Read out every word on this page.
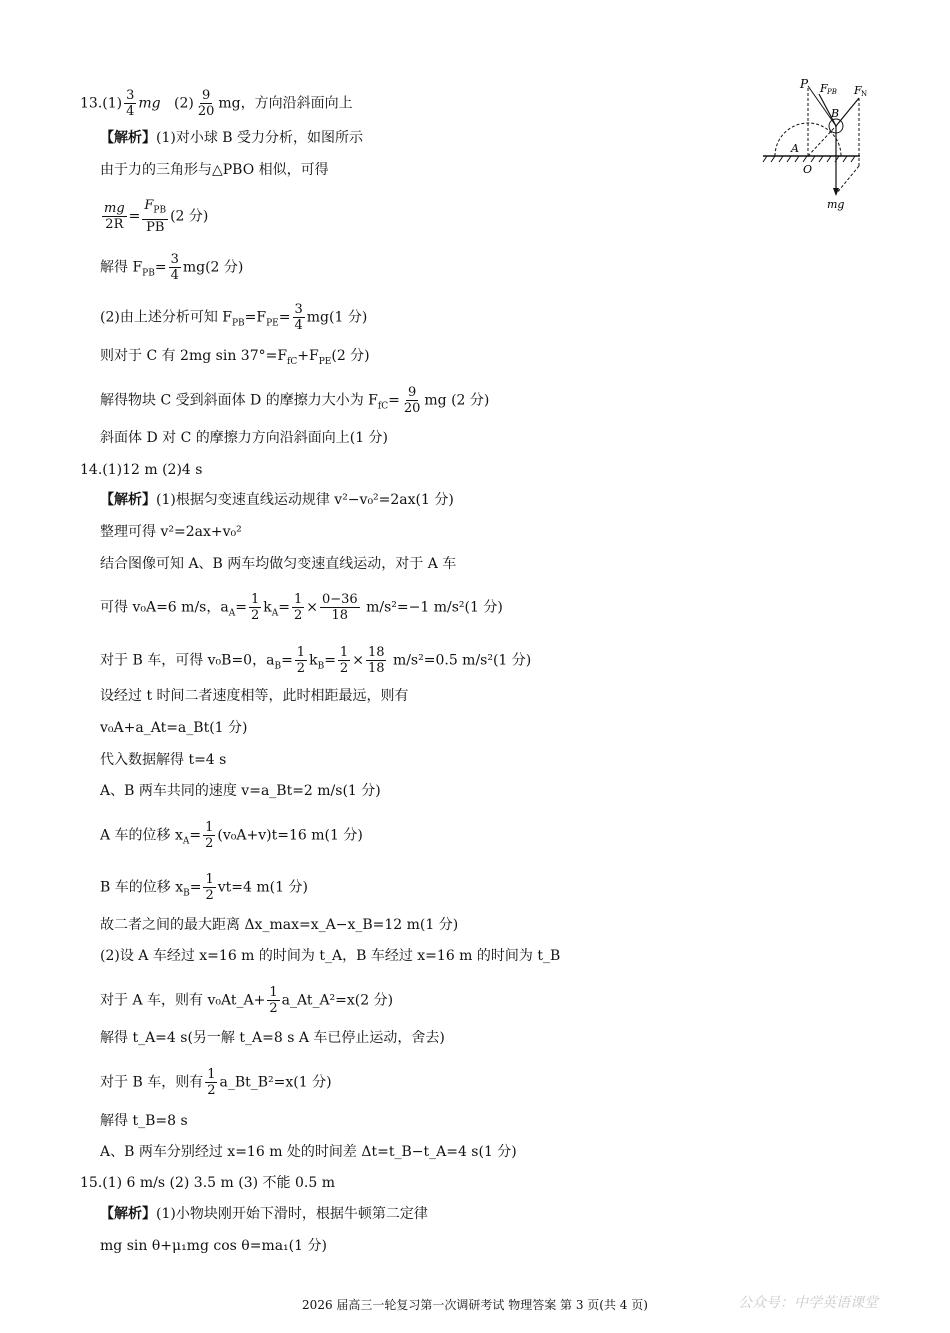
$13.(1) \frac{3}{4}$ mg $(2) \frac{9}{20}$ mg，方向沿斜面向上
【解析】(1)对小球 B 受力分析，如图所示
由于力的三角形与△PBO 相似，可得
$\frac{mg}{2R} = \frac{F_{PB}}{PB} (2$ 分)
解得 $F_{PB}= \frac{3}{4} mg(2$ 分)
(2)由上述分析可知 $F_{PB}=F_{PE}= \frac{3}{4} mg(1$ 分)
则对于 C 有 2mg $\sin 37^\circ=F_{fC}+F_{PE}(2$ 分)
解得物块 C 受到斜面体 D 的摩擦力大小为 $F_{fC}= \frac{9}{20}$ mg (2 分)
斜面体 D 对 C 的摩擦力方向沿斜面向上(1 分)
P F PB F N
B
A
O
mg
14.(1)12 m (2)4 s
【解析】(1)根据匀变速直线运动规律 v²−v₀²=2ax(1 分)
整理可得 v²=2ax+v₀²
结合图像可知 A、B 两车均做匀变速直线运动，对于 A 车
可得 v₀A=6 m/s，$a_A= \frac{1}{2} k_A= \frac{1}{2} \times \frac{0-36}{18} m/s^2=-1$ m/s²(1 分)
对于 B 车，可得 v₀B=0，$a_B= \frac{1}{2} k_B= \frac{1}{2} \times \frac{18}{18} m/s^2=0.5$ m/s²(1 分)
设经过 t 时间二者速度相等，此时相距最远，则有
v₀A+a_At=a_Bt(1 分)
代入数据解得 t=4 s
A、B 两车共同的速度 v=a_Bt=2 m/s(1 分)
A 车的位移 $x_A= \frac{1}{2} (v_0A+v)t=16$ m(1 分)
B 车的位移 $x_B= \frac{1}{2} vt=4$ m(1 分)
故二者之间的最大距离 Δx_max=x_A−x_B=12 m(1 分)
(2)设 A 车经过 x=16 m 的时间为 t_A，B 车经过 x=16 m 的时间为 t_B
对于 A 车，则有 v₀At_A+ $\frac{1}{2}$ a_At_A²=x(2 分)
解得 t_A=4 s(另一解 t_A=8 s A 车已停止运动，舍去)
对于 B 车，则有 $\frac{1}{2}$ a_Bt_B²=x(1 分)
解得 t_B=8 s
A、B 两车分别经过 x=16 m 处的时间差 Δt=t_B−t_A=4 s(1 分)
15.(1) 6 m/s (2) 3.5 m (3) 不能 0.5 m
【解析】(1)小物块刚开始下滑时，根据牛顿第二定律
mg sin θ+μ₁mg cos θ=ma₁(1 分)
2026 届高三一轮复习第一次调研考试 物理答案 第 3 页(共 4 页)	公众号：中学英语课堂
